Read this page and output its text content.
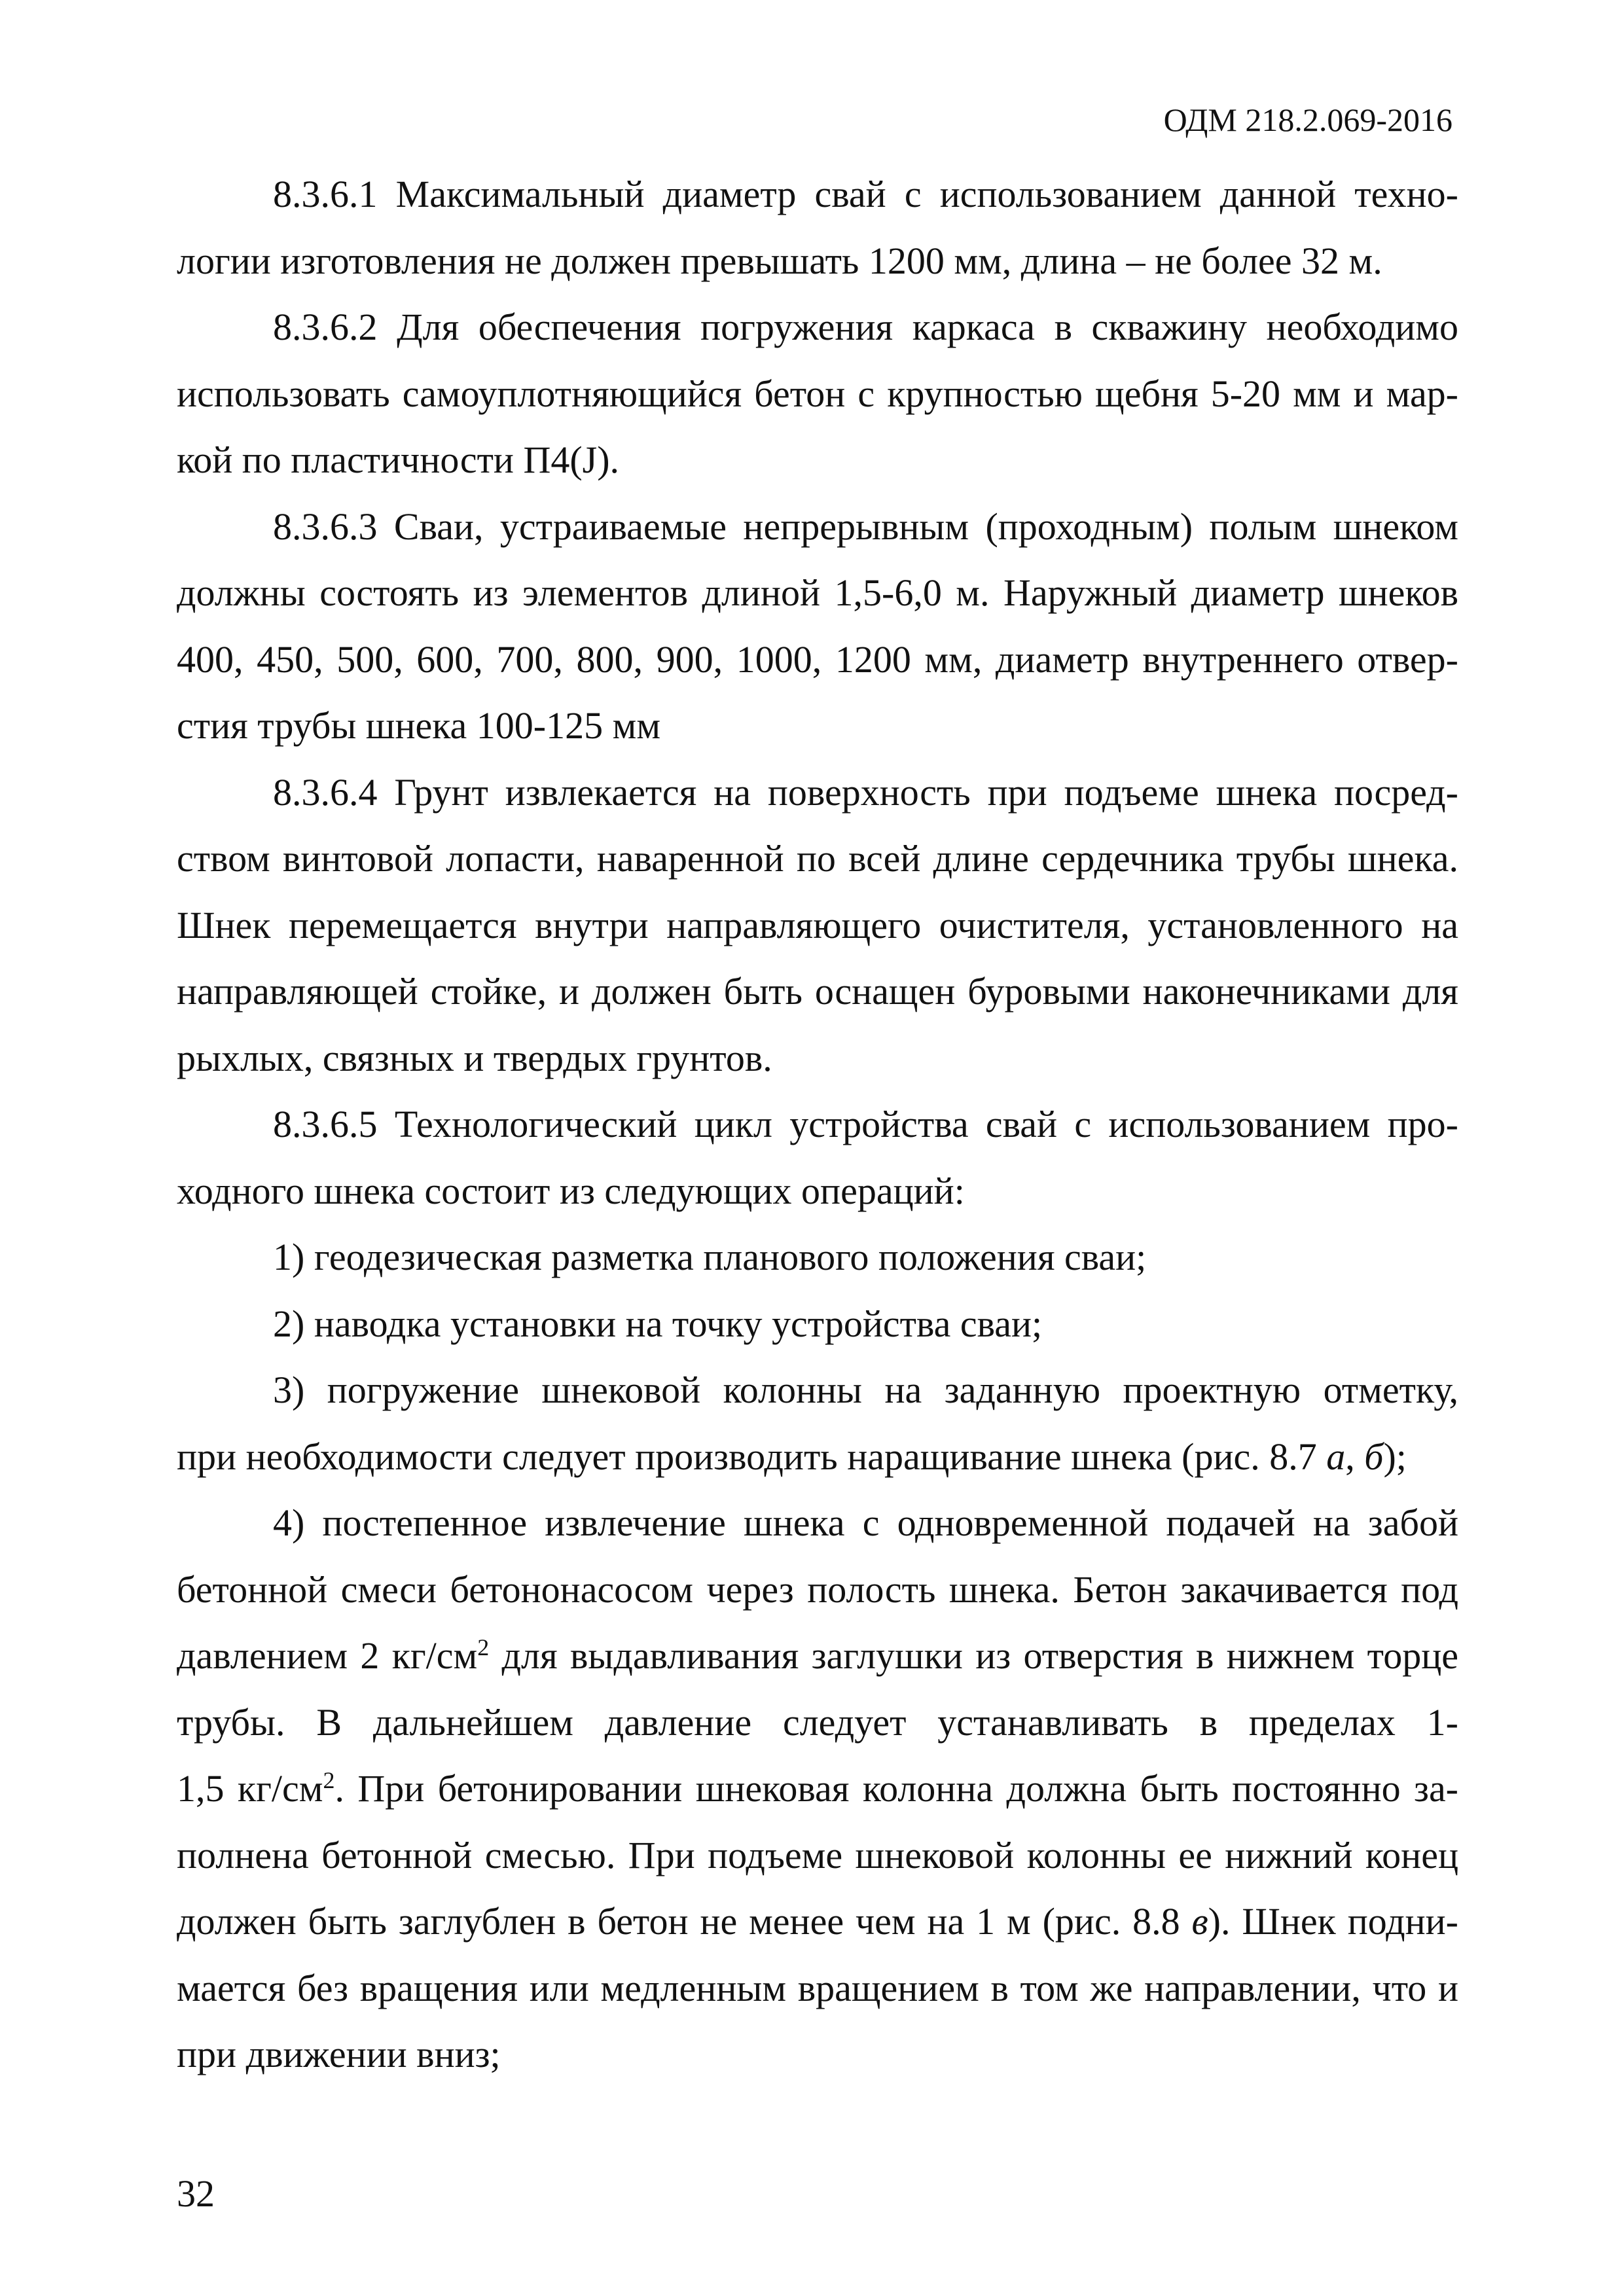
ОДМ 218.2.069-2016
8.3.6.1 Максимальный диаметр свай с использованием данной техно-
логии изготовления не должен превышать 1200 мм, длина – не более 32 м.
8.3.6.2 Для обеспечения погружения каркаса в скважину необходимо
использовать самоуплотняющийся бетон с крупностью щебня 5-20 мм и мар-
кой по пластичности П4(J).
8.3.6.3 Сваи, устраиваемые непрерывным (проходным) полым шнеком
должны состоять из элементов длиной 1,5-6,0 м. Наружный диаметр шнеков
400, 450, 500, 600, 700, 800, 900, 1000, 1200 мм, диаметр внутреннего отвер-
стия трубы шнека 100-125 мм
8.3.6.4 Грунт извлекается на поверхность при подъеме шнека посред-
ством винтовой лопасти, наваренной по всей длине сердечника трубы шнека.
Шнек перемещается внутри направляющего очистителя, установленного на
направляющей стойке, и должен быть оснащен буровыми наконечниками для
рыхлых, связных и твердых грунтов.
8.3.6.5 Технологический цикл устройства свай с использованием про-
ходного шнека состоит из следующих операций:
1) геодезическая разметка планового положения сваи;
2) наводка установки на точку устройства сваи;
3) погружение шнековой колонны на заданную проектную отметку,
при необходимости следует производить наращивание шнека (рис. 8.7 а, б);
4) постепенное извлечение шнека с одновременной подачей на забой
бетонной смеси бетононасосом через полость шнека. Бетон закачивается под
давлением 2 $кг/см^2$ для выдавливания заглушки из отверстия в нижнем торце
трубы. В дальнейшем давление следует устанавливать в пределах 1-
1,5 $кг/см^2$. При бетонировании шнековая колонна должна быть постоянно за-
полнена бетонной смесью. При подъеме шнековой колонны ее нижний конец
должен быть заглублен в бетон не менее чем на 1 м (рис. 8.8 в). Шнек подни-
мается без вращения или медленным вращением в том же направлении, что и
при движении вниз;
32
